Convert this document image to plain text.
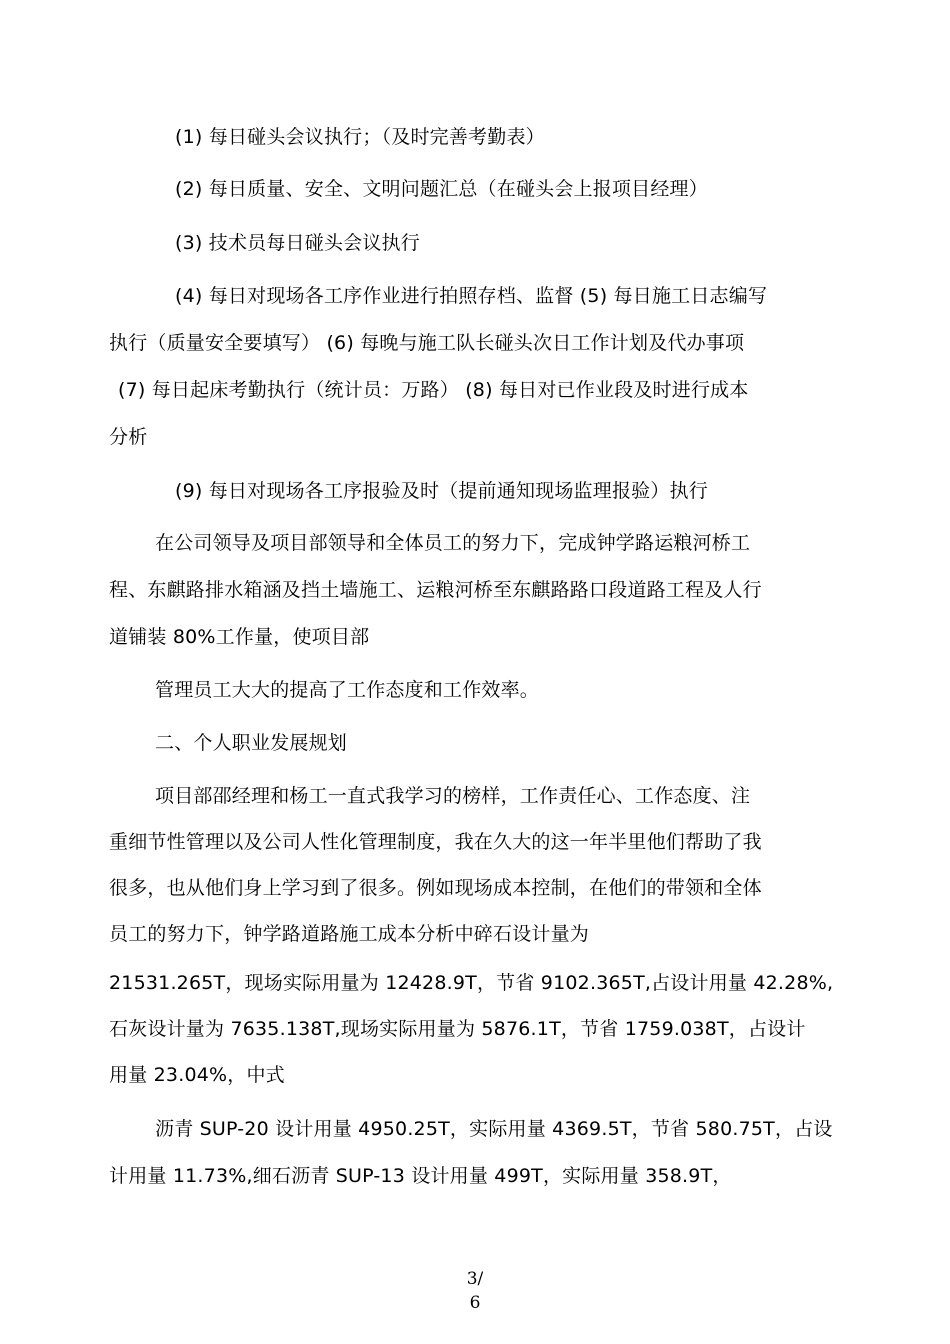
(1) 每日碰头会议执行；（及时完善考勤表）
(2) 每日质量、安全、文明问题汇总（在碰头会上报项目经理）
(3) 技术员每日碰头会议执行
(4) 每日对现场各工序作业进行拍照存档、监督 (5) 每日施工日志编写
执行（质量安全要填写） (6) 每晚与施工队长碰头次日工作计划及代办事项
(7) 每日起床考勤执行（统计员：万路） (8) 每日对已作业段及时进行成本
分析
(9) 每日对现场各工序报验及时（提前通知现场监理报验）执行
在公司领导及项目部领导和全体员工的努力下，完成钟学路运粮河桥工
程、东麒路排水箱涵及挡土墙施工、运粮河桥至东麒路路口段道路工程及人行
道铺装 80%工作量，使项目部
管理员工大大的提高了工作态度和工作效率。
二、个人职业发展规划
项目部邵经理和杨工一直式我学习的榜样，工作责任心、工作态度、注
重细节性管理以及公司人性化管理制度，我在久大的这一年半里他们帮助了我
很多，也从他们身上学习到了很多。例如现场成本控制，在他们的带领和全体
员工的努力下，钟学路道路施工成本分析中碎石设计量为
21531.265T，现场实际用量为 12428.9T，节省 9102.365T,占设计用量 42.28%,
石灰设计量为 7635.138T,现场实际用量为 5876.1T，节省 1759.038T，占设计
用量 23.04%，中式
沥青 SUP-20 设计用量 4950.25T，实际用量 4369.5T，节省 580.75T，占设
计用量 11.73%,细石沥青 SUP-13 设计用量 499T，实际用量 358.9T，
3/
6
